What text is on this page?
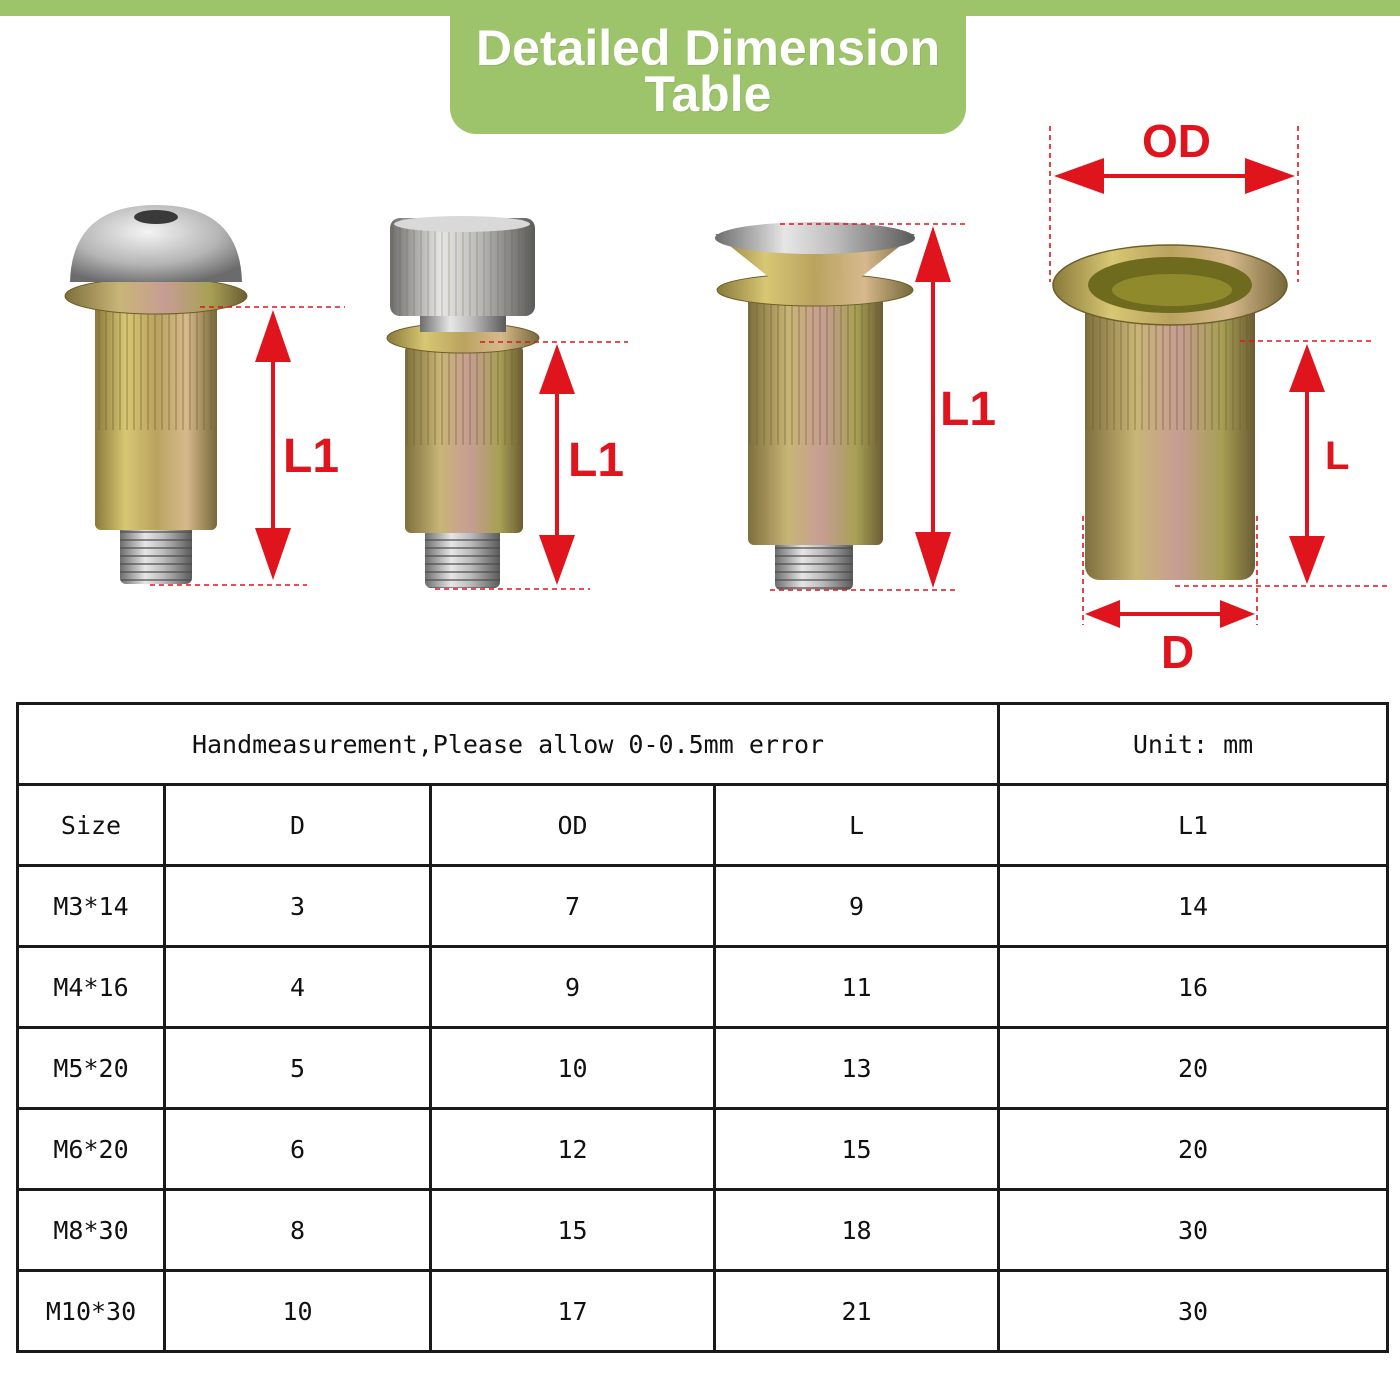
Detailed Dimension
Table
L1	L1
L1
OD
L
D
Handmeasurement,Please allow 0-0.5mm error				Unit: mm
Size	D	OD	L	L1
M3*14	3	7	9	14
M4*16	4	9	11	16
M5*20	5	10	13	20
M6*20	6	12	15	20
M8*30	8	15	18	30
M10*30	10	17	21	30
